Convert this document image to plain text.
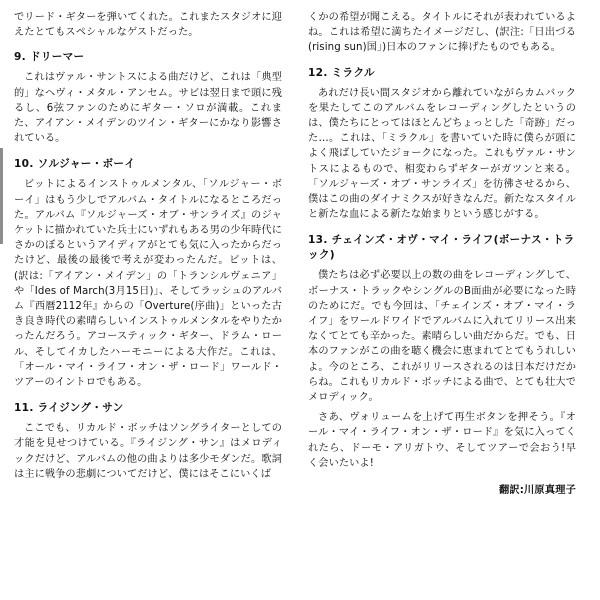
でリード・ギターを弾いてくれた。これまたスタジオに迎えたとてもスペシャルなゲストだった。

9. ドリーマー

これはヴァル・サントスによる曲だけど、これは「典型的」なヘヴィ・メタル・アンセム。サビは翌日まで頭に残るし、6弦ファンのためにギター・ソロが満載。これまた、アイアン・メイデンのツイン・ギターにかなり影響されている。

10. ソルジャー・ボーイ

ビットによるインストゥルメンタル、「ソルジャー・ボーイ」はもう少しでアルバム・タイトルになるところだった。アルバム『ソルジャーズ・オブ・サンライズ』のジャケットに描かれていた兵士にいずれもある男の少年時代にさかのぼるというアイディアがとても気に入ったからだったけど、最後の最後で考えが変わったんだ。ビットは、(訳は:「アイアン・メイデン」の「トランシルヴェニア」や「Ides of March(3月15日)」、そしてラッシュのアルバム『西暦2112年』からの「Overture(序曲)」といった古き良き時代の素晴らしいインストゥルメンタルをやりたかったんだろう。アコースティック・ギター、ドラム・ロール、そしてイカしたハーモニーによる大作だ。これは、「オール・マイ・ライフ・オン・ザ・ロード」ワールド・ツアーのイントロでもある。

11. ライジング・サン

ここでも、リカルド・ボッチはソングライターとしての才能を見せつけている。『ライジング・サン』はメロディックだけど、アルバムの他の曲よりは多少モダンだ。歌詞は主に戦争の悲劇についてだけど、僕にはそこにいくば

くかの希望が聞こえる。タイトルにそれが表われているよね。これは希望に満ちたイメージだし、(訳注:「日出づる(rising sun)国」)日本のファンに捧げたものでもある。

12. ミラクル

あれだけ長い間スタジオから離れていながらカムバックを果たしてこのアルバムをレコーディングしたというのは、僕たちにとってはほとんどちょっとした「奇跡」だった…。これは、「ミラクル」を書いていた時に僕らが頭によく飛ばしていたジョークになった。これもヴァル・サントスによるもので、相変わらずギターがガツンと来る。「ソルジャーズ・オブ・サンライズ」を彷彿させるから、僕はこの曲のダイナミクスが好きなんだ。新たなスタイルと新たな血による新たな始まりという感じがする。

13. チェインズ・オヴ・マイ・ライフ(ボーナス・トラック)

僕たちは必ず必要以上の数の曲をレコーディングして、ボーナス・トラックやシングルのB面曲が必要になった時のためにだ。でも今回は、「チェインズ・オブ・マイ・ライフ」をワールドワイドでアルバムに入れてリリース出来なくてとても辛かった。素晴らしい曲だからだ。でも、日本のファンがこの曲を聴く機会に恵まれてとてもうれしいよ。今のところ、これがリリースされるのは日本だけだからね。これもリカルド・ボッチによる曲で、とても壮大でメロディック。

さあ、ヴォリュームを上げて再生ボタンを押そう。『オール・マイ・ライフ・オン・ザ・ロード』を気に入ってくれたら、ドーモ・アリガトウ、そしてツアーで会おう!早く会いたいよ!

翻訳:川原真理子
